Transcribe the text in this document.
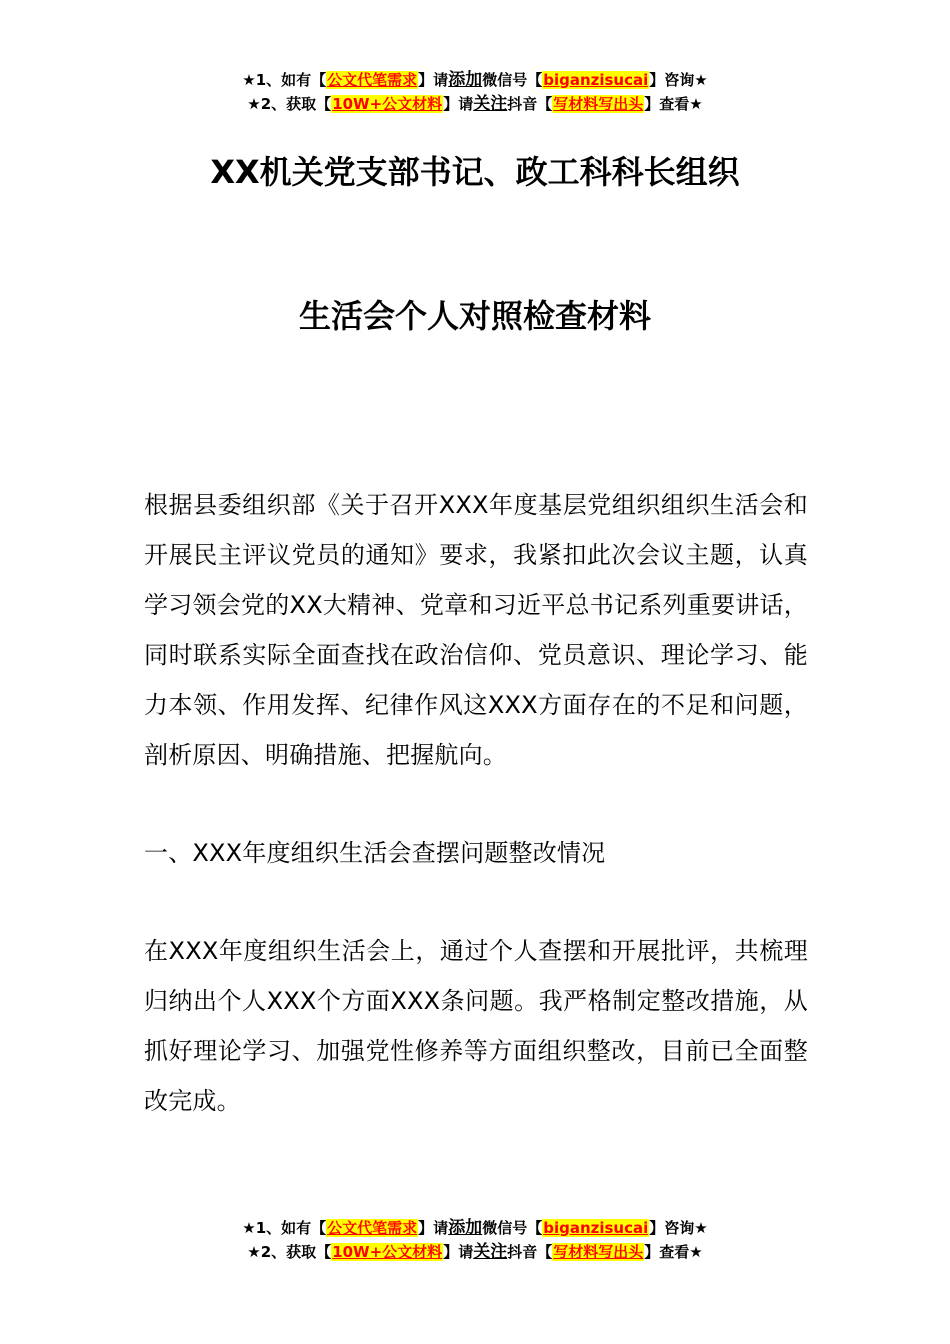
★1、如有【公文代笔需求】请添加微信号【biganzisucai】咨询★
★2、获取【10W+公文材料】请关注抖音【写材料写出头】查看★
XX机关党支部书记、政工科科长组织
生活会个人对照检查材料
根据县委组织部《关于召开XXX年度基层党组织组织生活会和开展民主评议党员的通知》要求，我紧扣此次会议主题，认真学习领会党的XX大精神、党章和习近平总书记系列重要讲话，同时联系实际全面查找在政治信仰、党员意识、理论学习、能力本领、作用发挥、纪律作风这XXX方面存在的不足和问题，剖析原因、明确措施、把握航向。
一、XXX年度组织生活会查摆问题整改情况
在XXX年度组织生活会上，通过个人查摆和开展批评，共梳理归纳出个人XXX个方面XXX条问题。我严格制定整改措施，从抓好理论学习、加强党性修养等方面组织整改，目前已全面整改完成。
★1、如有【公文代笔需求】请添加微信号【biganzisucai】咨询★
★2、获取【10W+公文材料】请关注抖音【写材料写出头】查看★
